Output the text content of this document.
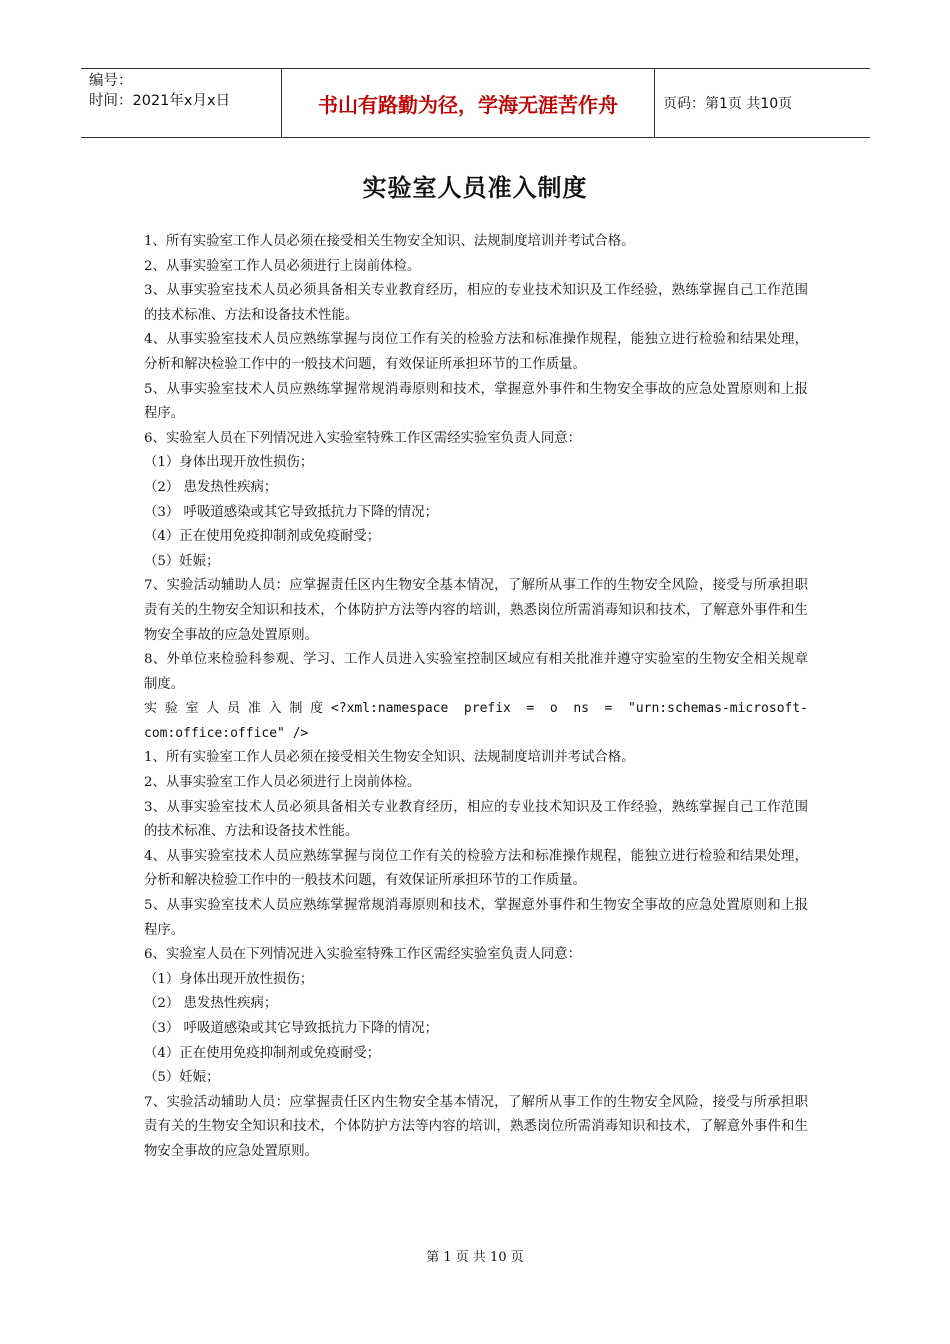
编号：
时间：2021年x月x日	书山有路勤为径，学海无涯苦作舟	页码：第1页 共10页
实验室人员准入制度

1、所有实验室工作人员必须在接受相关生物安全知识、法规制度培训并考试合格。

2、从事实验室工作人员必须进行上岗前体检。

3、从事实验室技术人员必须具备相关专业教育经历，相应的专业技术知识及工作经验，熟练掌握自己工作范围的技术标准、方法和设备技术性能。

4、从事实验室技术人员应熟练掌握与岗位工作有关的检验方法和标准操作规程，能独立进行检验和结果处理，分析和解决检验工作中的一般技术问题，有效保证所承担环节的工作质量。

5、从事实验室技术人员应熟练掌握常规消毒原则和技术，掌握意外事件和生物安全事故的应急处置原则和上报程序。

6、实验室人员在下列情况进入实验室特殊工作区需经实验室负责人同意：

（1）身体出现开放性损伤；

（2） 患发热性疾病；

（3） 呼吸道感染或其它导致抵抗力下降的情况；

（4）正在使用免疫抑制剂或免疫耐受；

（5）妊娠；

7、实验活动辅助人员：应掌握责任区内生物安全基本情况，了解所从事工作的生物安全风险，接受与所承担职责有关的生物安全知识和技术，个体防护方法等内容的培训，熟悉岗位所需消毒知识和技术，了解意外事件和生物安全事故的应急处置原则。

8、外单位来检验科参观、学习、工作人员进入实验室控制区域应有相关批准并遵守实验室的生物安全相关规章制度。

实验室人员准入制度<?xml:namespace prefix = o ns = "urn:schemas-microsoft-com:office:office" />

1、所有实验室工作人员必须在接受相关生物安全知识、法规制度培训并考试合格。

2、从事实验室工作人员必须进行上岗前体检。

3、从事实验室技术人员必须具备相关专业教育经历，相应的专业技术知识及工作经验，熟练掌握自己工作范围的技术标准、方法和设备技术性能。

4、从事实验室技术人员应熟练掌握与岗位工作有关的检验方法和标准操作规程，能独立进行检验和结果处理，分析和解决检验工作中的一般技术问题，有效保证所承担环节的工作质量。

5、从事实验室技术人员应熟练掌握常规消毒原则和技术，掌握意外事件和生物安全事故的应急处置原则和上报程序。

6、实验室人员在下列情况进入实验室特殊工作区需经实验室负责人同意：

（1）身体出现开放性损伤；

（2） 患发热性疾病；

（3） 呼吸道感染或其它导致抵抗力下降的情况；

（4）正在使用免疫抑制剂或免疫耐受；

（5）妊娠；

7、实验活动辅助人员：应掌握责任区内生物安全基本情况，了解所从事工作的生物安全风险，接受与所承担职责有关的生物安全知识和技术，个体防护方法等内容的培训，熟悉岗位所需消毒知识和技术，了解意外事件和生物安全事故的应急处置原则。

第 1 页 共 10 页
